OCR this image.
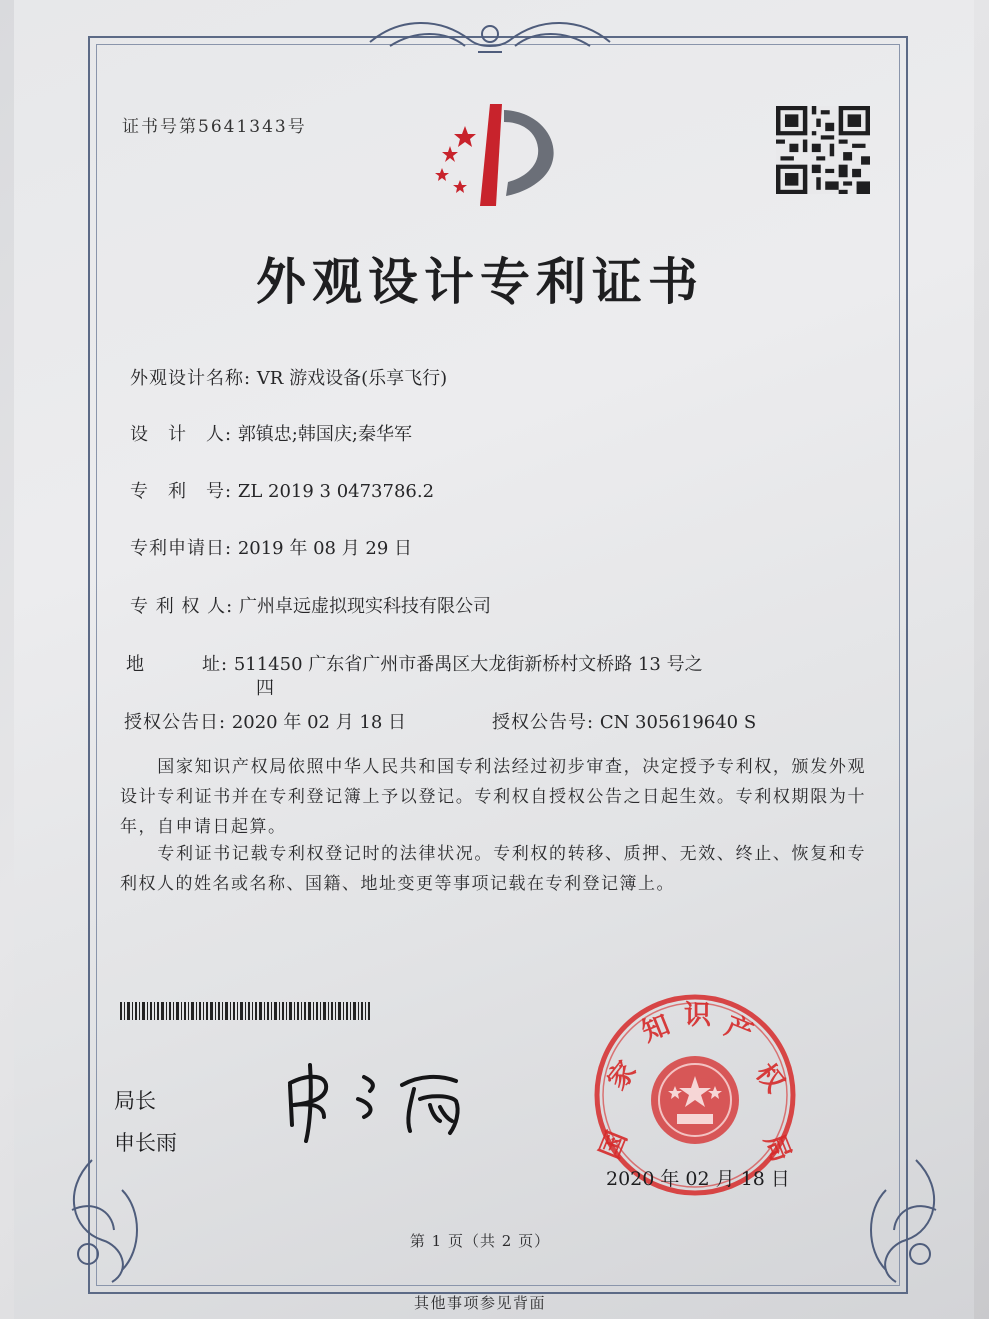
证书号第5641343号
外观设计专利证书
外观设计名称: VR 游戏设备(乐享飞行)
设　计　人: 郭镇忠;韩国庆;秦华军
专　利　号: ZL 2019 3 0473786.2
专利申请日: 2019 年 08 月 29 日
专 利 权 人: 广州卓远虚拟现实科技有限公司
地　　　址: 511450 广东省广州市番禺区大龙街新桥村文桥路 13 号之
四
授权公告日: 2020 年 02 月 18 日	授权公告号: CN 305619640 S
　　国家知识产权局依照中华人民共和国专利法经过初步审查，决定授予专利权，颁发外观设计专利证书并在专利登记簿上予以登记。专利权自授权公告之日起生效。专利权期限为十年，自申请日起算。
　　专利证书记载专利权登记时的法律状况。专利权的转移、质押、无效、终止、恢复和专利权人的姓名或名称、国籍、地址变更等事项记载在专利登记簿上。
局长
申长雨	国
家
知 识 产
权
局
2020 年 02 月 18 日
第 1 页（共 2 页）
其他事项参见背面
